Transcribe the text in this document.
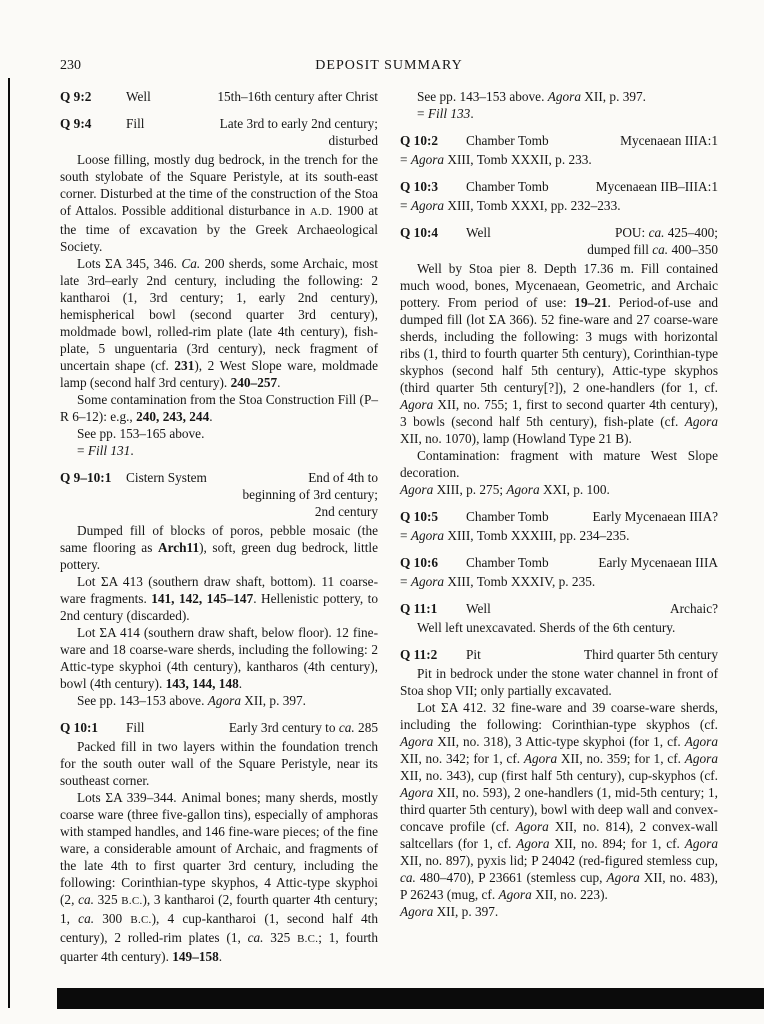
230	DEPOSIT SUMMARY
Q 9:2	Well	15th–16th century after Christ
Q 9:4	Fill	Late 3rd to early 2nd century;
disturbed

Loose filling, mostly dug bedrock, in the trench for the south stylobate of the Square Peristyle, at its south-east corner. Disturbed at the time of the construction of the Stoa of Attalos. Possible additional disturbance in A.D. 1900 at the time of excavation by the Greek Archaeological Society.

Lots ΣΑ 345, 346. Ca. 200 sherds, some Archaic, most late 3rd–early 2nd century, including the following: 2 kantharoi (1, 3rd century; 1, early 2nd century), hemispherical bowl (second quarter 3rd century), moldmade bowl, rolled-rim plate (late 4th century), fish-plate, 5 unguentaria (3rd century), neck fragment of uncertain shape (cf. 231), 2 West Slope ware, moldmade lamp (second half 3rd century). 240–257.

Some contamination from the Stoa Construction Fill (P–R 6–12): e.g., 240, 243, 244.

See pp. 153–165 above.

= Fill 131.

Q 9–10:1	Cistern System	End of 4th to
beginning of 3rd century;
2nd century

Dumped fill of blocks of poros, pebble mosaic (the same flooring as Arch11), soft, green dug bedrock, little pottery.

Lot ΣΑ 413 (southern draw shaft, bottom). 11 coarse-ware fragments. 141, 142, 145–147. Hellenistic pottery, to 2nd century (discarded).

Lot ΣΑ 414 (southern draw shaft, below floor). 12 fine-ware and 18 coarse-ware sherds, including the following: 2 Attic-type skyphoi (4th century), kantharos (4th century), bowl (4th century). 143, 144, 148.

See pp. 143–153 above. Agora XII, p. 397.

Q 10:1	Fill	Early 3rd century to ca. 285

Packed fill in two layers within the foundation trench for the south outer wall of the Square Peristyle, near its southeast corner.

Lots ΣΑ 339–344. Animal bones; many sherds, mostly coarse ware (three five-gallon tins), especially of amphoras with stamped handles, and 146 fine-ware pieces; of the fine ware, a considerable amount of Archaic, and fragments of the late 4th to first quarter 3rd century, including the following: Corinthian-type skyphos, 4 Attic-type skyphoi (2, ca. 325 B.C.), 3 kantharoi (2, fourth quarter 4th century; 1, ca. 300 B.C.), 4 cup-kantharoi (1, second half 4th century), 2 rolled-rim plates (1, ca. 325 B.C.; 1, fourth quarter 4th century). 149–158.

See pp. 143–153 above. Agora XII, p. 397.

= Fill 133.

Q 10:2	Chamber Tomb	Mycenaean IIIA:1

= Agora XIII, Tomb XXXII, p. 233.

Q 10:3	Chamber Tomb	Mycenaean IIB–IIIA:1

= Agora XIII, Tomb XXXI, pp. 232–233.

Q 10:4	Well	POU: ca. 425–400;
dumped fill ca. 400–350

Well by Stoa pier 8. Depth 17.36 m. Fill contained much wood, bones, Mycenaean, Geometric, and Archaic pottery. From period of use: 19–21. Period-of-use and dumped fill (lot ΣΑ 366). 52 fine-ware and 27 coarse-ware sherds, including the following: 3 mugs with horizontal ribs (1, third to fourth quarter 5th century), Corinthian-type skyphos (second half 5th century), Attic-type skyphos (third quarter 5th century[?]), 2 one-handlers (for 1, cf. Agora XII, no. 755; 1, first to second quarter 4th century), 3 bowls (second half 5th century), fish-plate (cf. Agora XII, no. 1070), lamp (Howland Type 21 B).

Contamination: fragment with mature West Slope decoration.

Agora XIII, p. 275; Agora XXI, p. 100.

Q 10:5	Chamber Tomb	Early Mycenaean IIIA?

= Agora XIII, Tomb XXXIII, pp. 234–235.

Q 10:6	Chamber Tomb	Early Mycenaean IIIA

= Agora XIII, Tomb XXXIV, p. 235.

Q 11:1	Well	Archaic?

Well left unexcavated. Sherds of the 6th century.

Q 11:2	Pit	Third quarter 5th century

Pit in bedrock under the stone water channel in front of Stoa shop VII; only partially excavated.

Lot ΣΑ 412. 32 fine-ware and 39 coarse-ware sherds, including the following: Corinthian-type skyphos (cf. Agora XII, no. 318), 3 Attic-type skyphoi (for 1, cf. Agora XII, no. 342; for 1, cf. Agora XII, no. 359; for 1, cf. Agora XII, no. 343), cup (first half 5th century), cup-skyphos (cf. Agora XII, no. 593), 2 one-handlers (1, mid-5th century; 1, third quarter 5th century), bowl with deep wall and convex-concave profile (cf. Agora XII, no. 814), 2 convex-wall saltcellars (for 1, cf. Agora XII, no. 894; for 1, cf. Agora XII, no. 897), pyxis lid; P 24042 (red-figured stemless cup, ca. 480–470), P 23661 (stemless cup, Agora XII, no. 483), P 26243 (mug, cf. Agora XII, no. 223).

Agora XII, p. 397.
